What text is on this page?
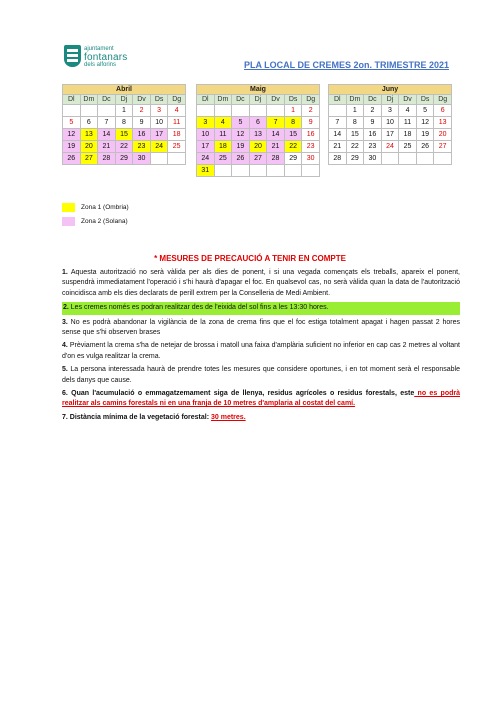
ajuntament
fontanars
dels alforins	PLA LOCAL DE CREMES 2on. TRIMESTRE 2021
Abril						
Dl	Dm	Dc	Dj	Dv	Ds	Dg
			1	2	3	4
5	6	7	8	9	10	11
12	13	14	15	16	17	18
19	20	21	22	23	24	25
26	27	28	29	30		
Maig						
Dl	Dm	Dc	Dj	Dv	Ds	Dg
					1	2
3	4	5	6	7	8	9
10	11	12	13	14	15	16
17	18	19	20	21	22	23
24	25	26	27	28	29	30
31						
Juny						
Dl	Dm	Dc	Dj	Dv	Ds	Dg
	1	2	3	4	5	6
7	8	9	10	11	12	13
14	15	16	17	18	19	20
21	22	23	24	25	26	27
28	29	30				
Zona 1 (Ombria)
Zona 2 (Solana)
* MESURES DE PRECAUCIÓ A TENIR EN COMPTE

1. Aquesta autorització no serà vàlida per als dies de ponent, i si una vegada començats els treballs, apareix el ponent, suspendrà immediatament l'operació i s'hi haurà d'apagar el foc. En qualsevol cas, no serà vàlida quan la data de l'autorització coincidisca amb els dies declarats de perill extrem per la Conselleria de Medi Ambient.

2. Les cremes només es podran realitzar des de l'eixida del sol fins a les 13:30 hores.

3. No es podrà abandonar la vigilància de la zona de crema fins que el foc estiga totalment apagat i hagen passat 2 hores sense que s'hi observen brases

4. Prèviament la crema s'ha de netejar de brossa i matoll una faixa d'amplària suficient no inferior en cap cas 2 metres al voltant d'on es vulga realitzar la crema.

5. La persona interessada haurà de prendre totes les mesures que considere oportunes, i en tot moment serà el responsable dels danys que cause.

6. Quan l'acumulació o emmagatzemament siga de llenya, residus agrícoles o residus forestals, este no es podrà realitzar als camins forestals ni en una franja de 10 metres d'amplaria al costat del camí.

7. Distància mínima de la vegetació forestal: 30 metres.
